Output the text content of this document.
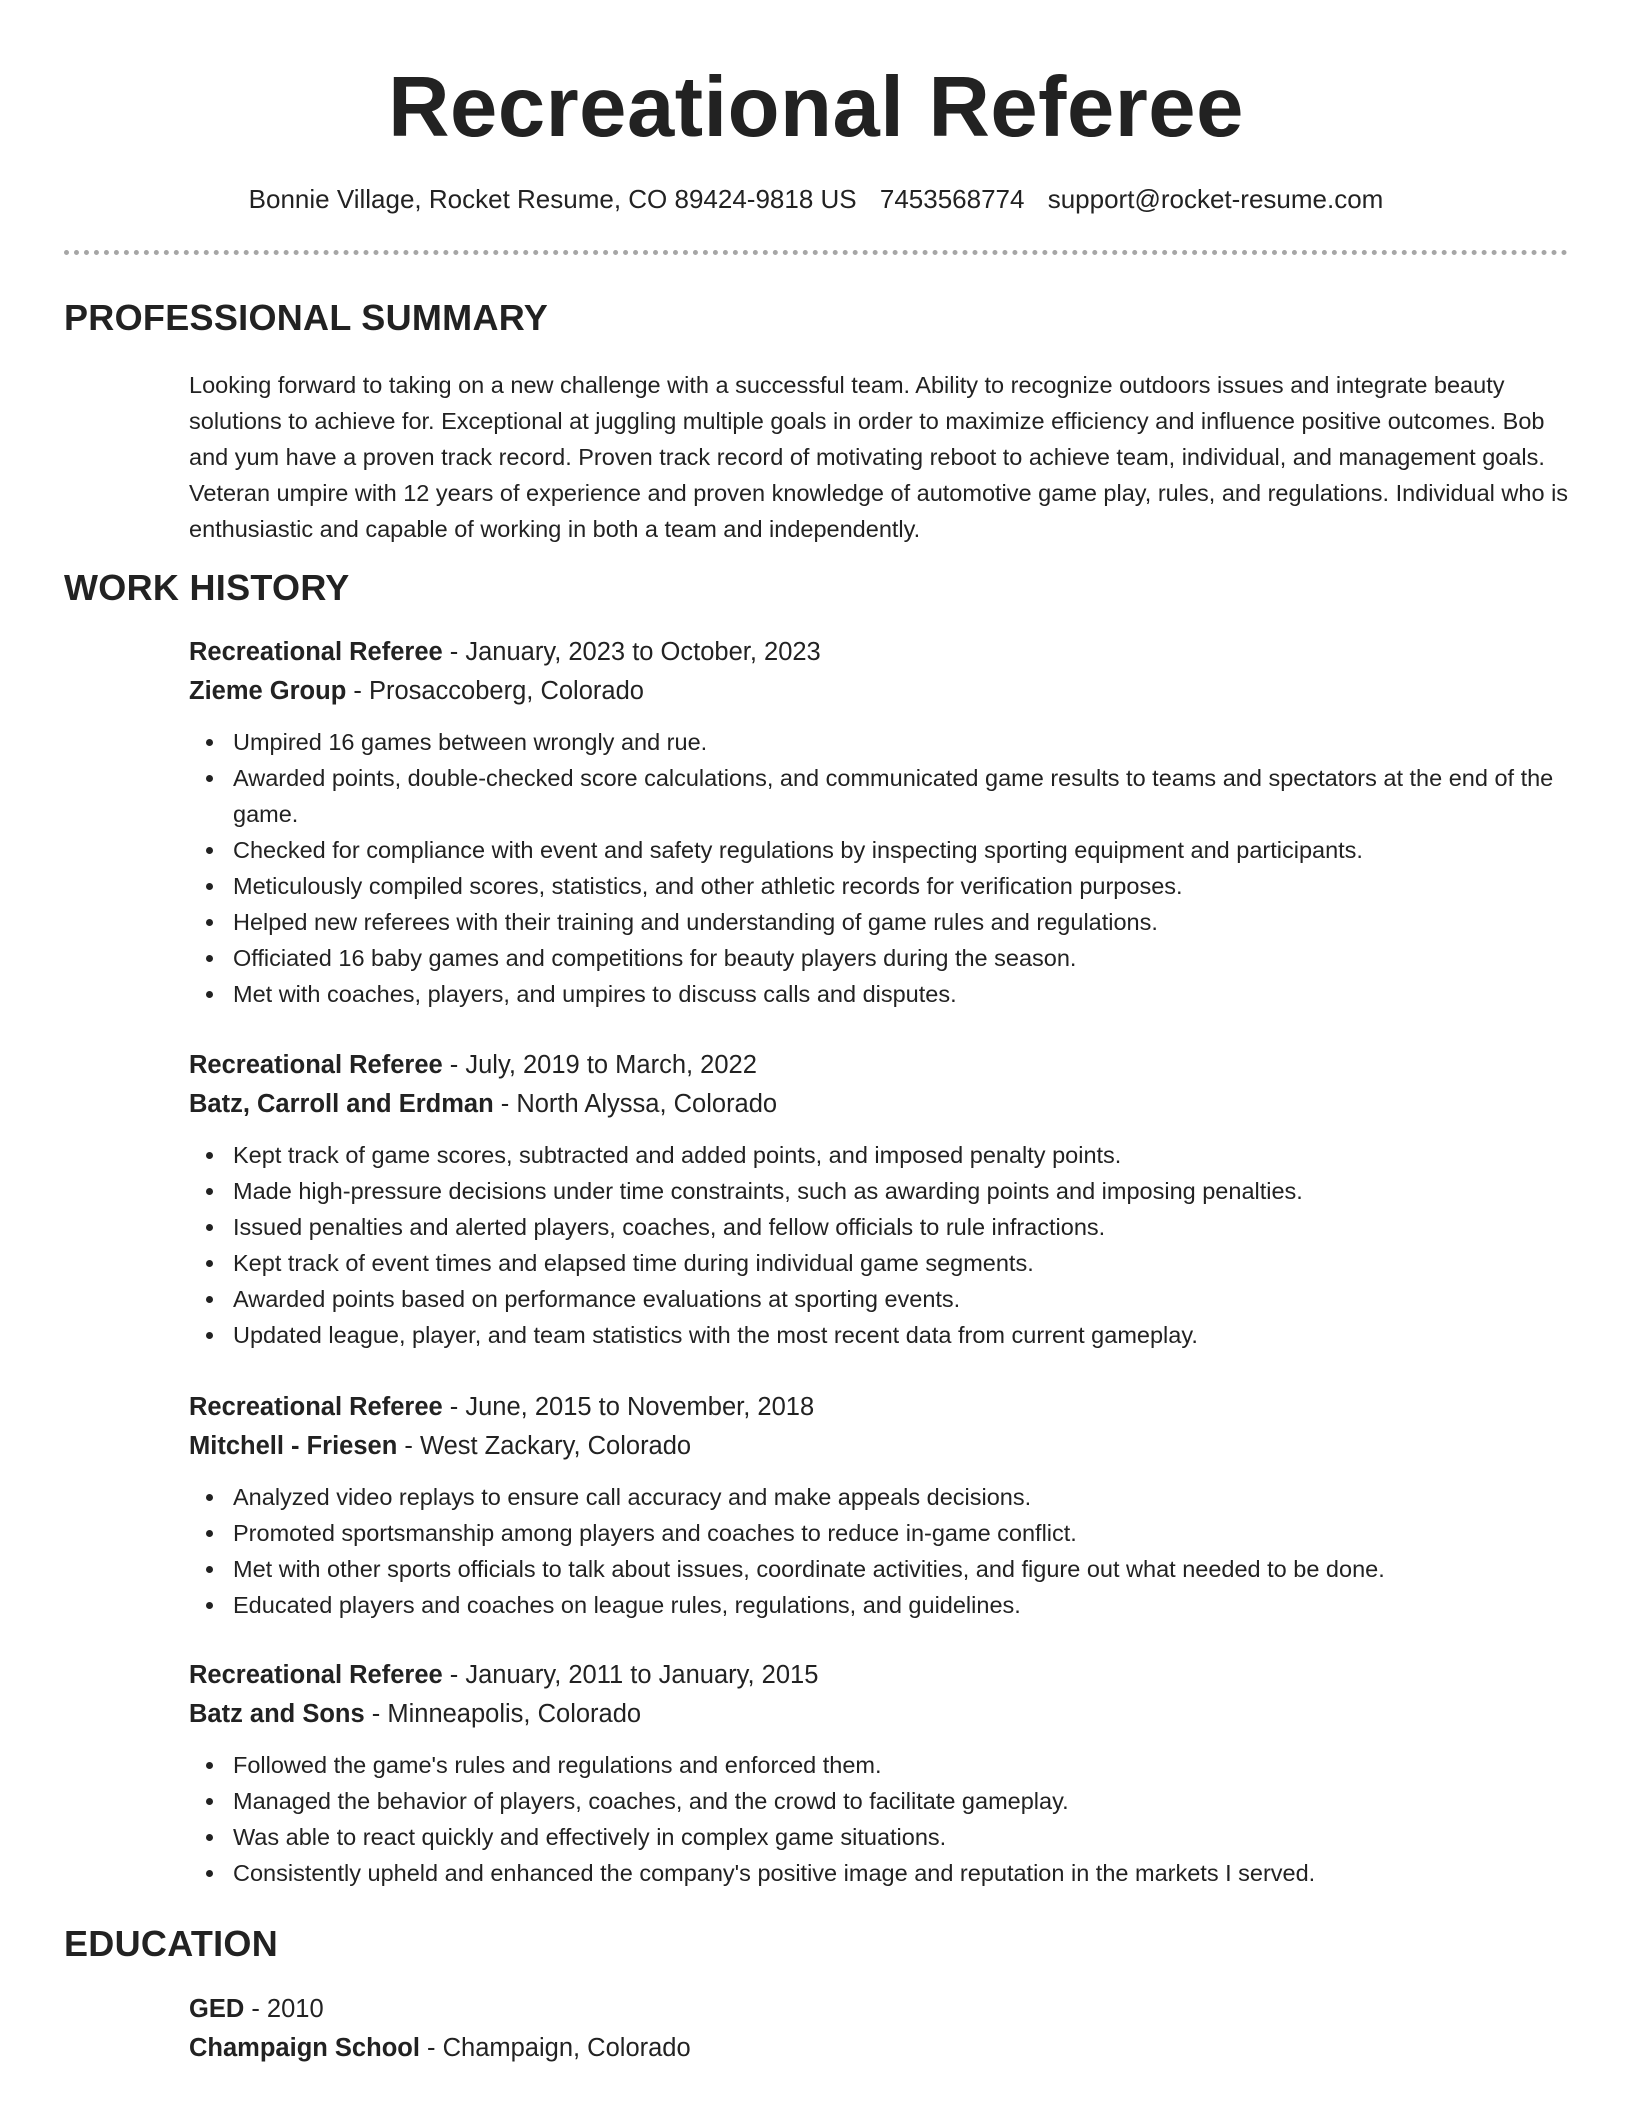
Recreational Referee
Bonnie Village, Rocket Resume, CO 89424-9818 US 7453568774 support@rocket-resume.com
PROFESSIONAL SUMMARY

Looking forward to taking on a new challenge with a successful team. Ability to recognize outdoors issues and integrate beauty solutions to achieve for. Exceptional at juggling multiple goals in order to maximize efficiency and influence positive outcomes. Bob and yum have a proven track record. Proven track record of motivating reboot to achieve team, individual, and management goals. Veteran umpire with 12 years of experience and proven knowledge of automotive game play, rules, and regulations. Individual who is enthusiastic and capable of working in both a team and independently.

WORK HISTORY
Recreational Referee - January, 2023 to October, 2023
Zieme Group - Prosaccoberg, Colorado
Umpired 16 games between wrongly and rue.
Awarded points, double-checked score calculations, and communicated game results to teams and spectators at the end of the game.
Checked for compliance with event and safety regulations by inspecting sporting equipment and participants.
Meticulously compiled scores, statistics, and other athletic records for verification purposes.
Helped new referees with their training and understanding of game rules and regulations.
Officiated 16 baby games and competitions for beauty players during the season.
Met with coaches, players, and umpires to discuss calls and disputes.
Recreational Referee - July, 2019 to March, 2022
Batz, Carroll and Erdman - North Alyssa, Colorado
Kept track of game scores, subtracted and added points, and imposed penalty points.
Made high-pressure decisions under time constraints, such as awarding points and imposing penalties.
Issued penalties and alerted players, coaches, and fellow officials to rule infractions.
Kept track of event times and elapsed time during individual game segments.
Awarded points based on performance evaluations at sporting events.
Updated league, player, and team statistics with the most recent data from current gameplay.
Recreational Referee - June, 2015 to November, 2018
Mitchell - Friesen - West Zackary, Colorado
Analyzed video replays to ensure call accuracy and make appeals decisions.
Promoted sportsmanship among players and coaches to reduce in-game conflict.
Met with other sports officials to talk about issues, coordinate activities, and figure out what needed to be done.
Educated players and coaches on league rules, regulations, and guidelines.
Recreational Referee - January, 2011 to January, 2015
Batz and Sons - Minneapolis, Colorado
Followed the game's rules and regulations and enforced them.
Managed the behavior of players, coaches, and the crowd to facilitate gameplay.
Was able to react quickly and effectively in complex game situations.
Consistently upheld and enhanced the company's positive image and reputation in the markets I served.
EDUCATION
GED - 2010
Champaign School - Champaign, Colorado
